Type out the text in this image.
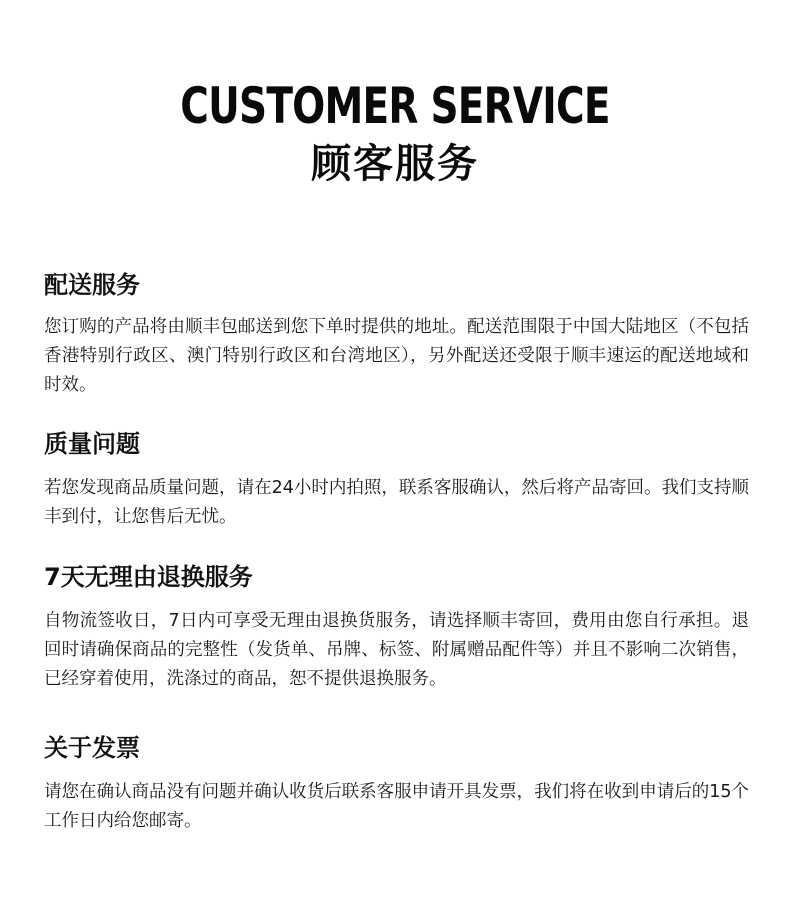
CUSTOMER SERVICE
顾客服务
配送服务

您订购的产品将由顺丰包邮送到您下单时提供的地址。配送范围限于中国大陆地区（不包括香港特别行政区、澳门特别行政区和台湾地区），另外配送还受限于顺丰速运的配送地域和时效。

质量问题

若您发现商品质量问题，请在24小时内拍照，联系客服确认，然后将产品寄回。我们支持顺丰到付，让您售后无忧。

7天无理由退换服务

自物流签收日，7日内可享受无理由退换货服务，请选择顺丰寄回，费用由您自行承担。退回时请确保商品的完整性（发货单、吊牌、标签、附属赠品配件等）并且不影响二次销售，已经穿着使用，洗涤过的商品，恕不提供退换服务。

关于发票

请您在确认商品没有问题并确认收货后联系客服申请开具发票，我们将在收到申请后的15个工作日内给您邮寄。
